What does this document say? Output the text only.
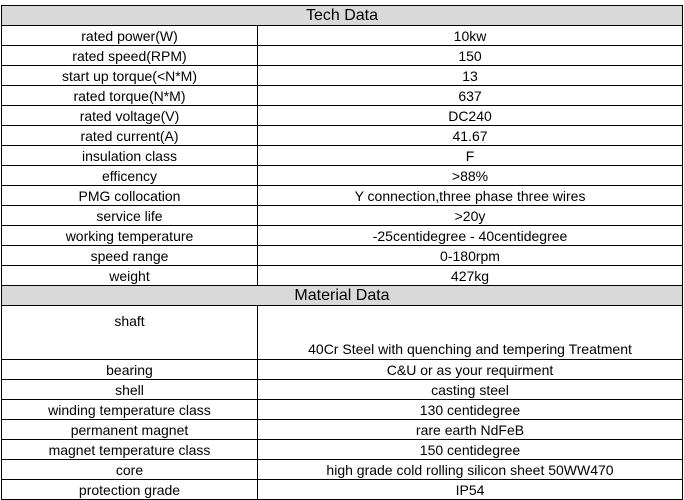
Tech Data	
rated power(W)	10kw
rated speed(RPM)	150
start up torque(<N*M)	13
rated torque(N*M)	637
rated voltage(V)	DC240
rated current(A)	41.67
insulation class	F
efficency	>88%
PMG collocation	Y connection,three phase three wires
service life	>20y
working temperature	-25centidegree - 40centidegree
speed range	0-180rpm
weight	427kg
Material Data	
shaft	40Cr Steel with quenching and tempering Treatment
bearing	C&U or as your requirment
shell	casting steel
winding temperature class	130 centidegree
permanent magnet	rare earth NdFeB
magnet temperature class	150 centidegree
core	high grade cold rolling silicon sheet 50WW470
protection grade	IP54
